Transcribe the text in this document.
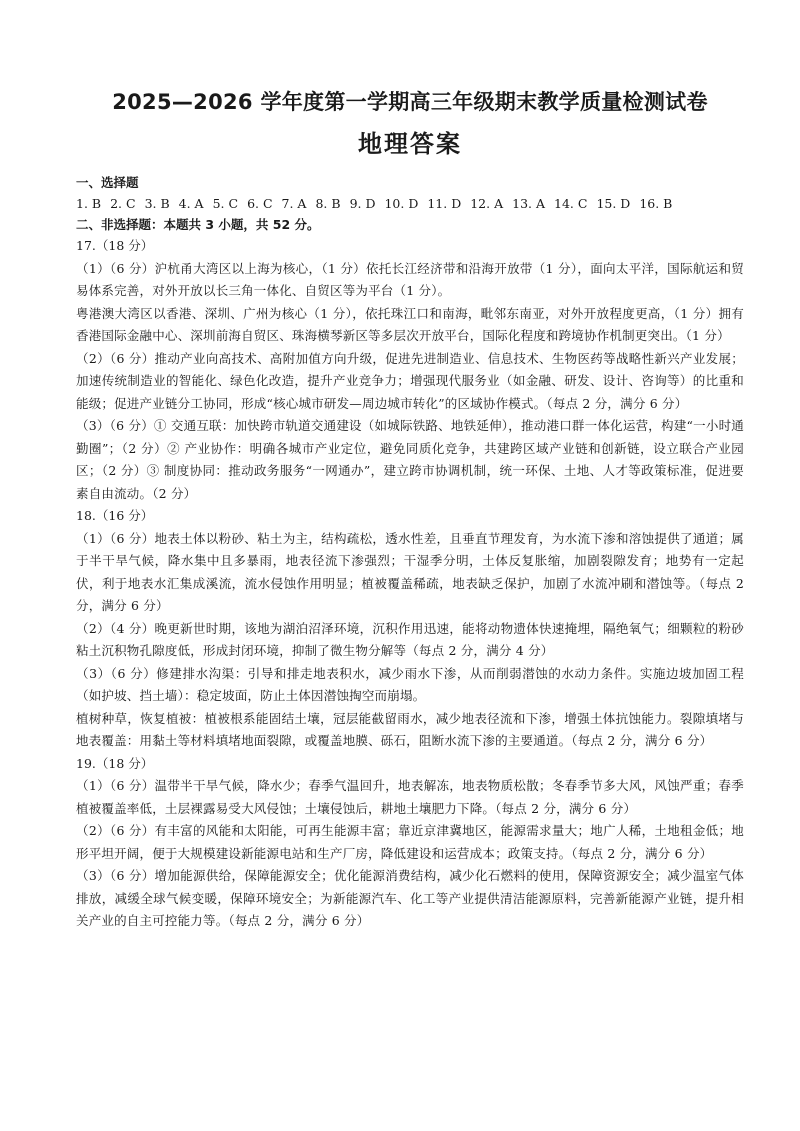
2025—2026 学年度第一学期高三年级期末教学质量检测试卷
地理答案

一、选择题

1. B 2. C 3. B 4. A 5. C 6. C 7. A 8. B 9. D 10. D 11. D 12. A 13. A 14. C 15. D 16. B

二、非选择题：本题共 3 小题，共 52 分。

17.（18 分）

（1）（6 分）沪杭甬大湾区以上海为核心，（1 分）依托长江经济带和沿海开放带（1 分），面向太平洋，国际航运和贸易体系完善，对外开放以长三角一体化、自贸区等为平台（1 分）。

粤港澳大湾区以香港、深圳、广州为核心（1 分），依托珠江口和南海，毗邻东南亚，对外开放程度更高，（1 分）拥有香港国际金融中心、深圳前海自贸区、珠海横琴新区等多层次开放平台，国际化程度和跨境协作机制更突出。（1 分）

（2）（6 分）推动产业向高技术、高附加值方向升级，促进先进制造业、信息技术、生物医药等战略性新兴产业发展；加速传统制造业的智能化、绿色化改造，提升产业竞争力；增强现代服务业（如金融、研发、设计、咨询等）的比重和能级；促进产业链分工协同，形成“核心城市研发—周边城市转化”的区域协作模式。（每点 2 分，满分 6 分）

（3）（6 分）① 交通互联：加快跨市轨道交通建设（如城际铁路、地铁延伸），推动港口群一体化运营，构建“一小时通勤圈”；（2 分）② 产业协作：明确各城市产业定位，避免同质化竞争，共建跨区域产业链和创新链，设立联合产业园区；（2 分）③ 制度协同：推动政务服务“一网通办”，建立跨市协调机制，统一环保、土地、人才等政策标准，促进要素自由流动。（2 分）

18.（16 分）

（1）（6 分）地表土体以粉砂、粘土为主，结构疏松，透水性差，且垂直节理发育，为水流下渗和溶蚀提供了通道；属于半干旱气候，降水集中且多暴雨，地表径流下渗强烈；干湿季分明，土体反复胀缩，加剧裂隙发育；地势有一定起伏，利于地表水汇集成溪流，流水侵蚀作用明显；植被覆盖稀疏，地表缺乏保护，加剧了水流冲刷和潜蚀等。（每点 2 分，满分 6 分）

（2）（4 分）晚更新世时期，该地为湖泊沼泽环境，沉积作用迅速，能将动物遗体快速掩埋，隔绝氧气；细颗粒的粉砂粘土沉积物孔隙度低，形成封闭环境，抑制了微生物分解等（每点 2 分，满分 4 分）

（3）（6 分）修建排水沟渠：引导和排走地表积水，减少雨水下渗，从而削弱潜蚀的水动力条件。实施边坡加固工程（如护坡、挡土墙）：稳定坡面，防止土体因潜蚀掏空而崩塌。

植树种草，恢复植被：植被根系能固结土壤，冠层能截留雨水，减少地表径流和下渗，增强土体抗蚀能力。裂隙填堵与地表覆盖：用黏土等材料填堵地面裂隙，或覆盖地膜、砾石，阻断水流下渗的主要通道。（每点 2 分，满分 6 分）

19.（18 分）

（1）（6 分）温带半干旱气候，降水少；春季气温回升，地表解冻，地表物质松散；冬春季节多大风，风蚀严重；春季植被覆盖率低，土层裸露易受大风侵蚀；土壤侵蚀后，耕地土壤肥力下降。（每点 2 分，满分 6 分）

（2）（6 分）有丰富的风能和太阳能，可再生能源丰富；靠近京津冀地区，能源需求量大；地广人稀，土地租金低；地形平坦开阔，便于大规模建设新能源电站和生产厂房，降低建设和运营成本；政策支持。（每点 2 分，满分 6 分）

（3）（6 分）增加能源供给，保障能源安全；优化能源消费结构，减少化石燃料的使用，保障资源安全；减少温室气体排放，减缓全球气候变暖，保障环境安全；为新能源汽车、化工等产业提供清洁能源原料，完善新能源产业链，提升相关产业的自主可控能力等。（每点 2 分，满分 6 分）
